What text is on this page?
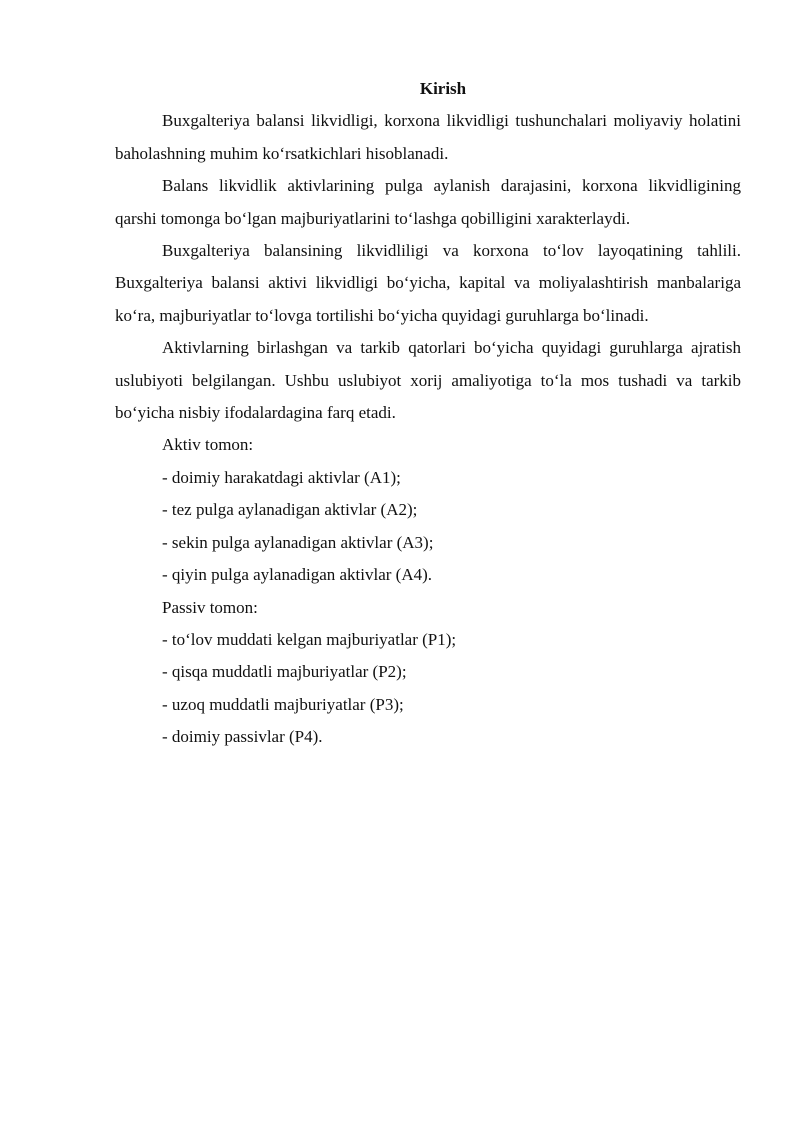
Kirish

Buxgalteriya balansi likvidligi, korxona likvidligi tushunchalari moliyaviy holatini baholashning muhim ko‘rsatkichlari hisoblanadi.

Balans likvidlik aktivlarining pulga aylanish darajasini, korxona likvidligining qarshi tomonga bo‘lgan majburiyatlarini to‘lashga qobilligini xarakterlaydi.

Buxgalteriya balansining likvidliligi va korxona to‘lov layoqatining tahlili. Buxgalteriya balansi aktivi likvidligi bo‘yicha, kapital va moliyalashtirish manbalariga ko‘ra, majburiyatlar to‘lovga tortilishi bo‘yicha quyidagi guruhlarga bo‘linadi.

Aktivlarning birlashgan va tarkib qatorlari bo‘yicha quyidagi guruhlarga ajratish uslubiyoti belgilangan. Ushbu uslubiyot xorij amaliyotiga to‘la mos tushadi va tarkib bo‘yicha nisbiy ifodalardagina farq etadi.

Aktiv tomon:

- doimiy harakatdagi aktivlar (A1);

- tez pulga aylanadigan aktivlar (A2);

- sekin pulga aylanadigan aktivlar (A3);

- qiyin pulga aylanadigan aktivlar (A4).

Passiv tomon:

- to‘lov muddati kelgan majburiyatlar (P1);

- qisqa muddatli majburiyatlar (P2);

- uzoq muddatli majburiyatlar (P3);

- doimiy passivlar (P4).
